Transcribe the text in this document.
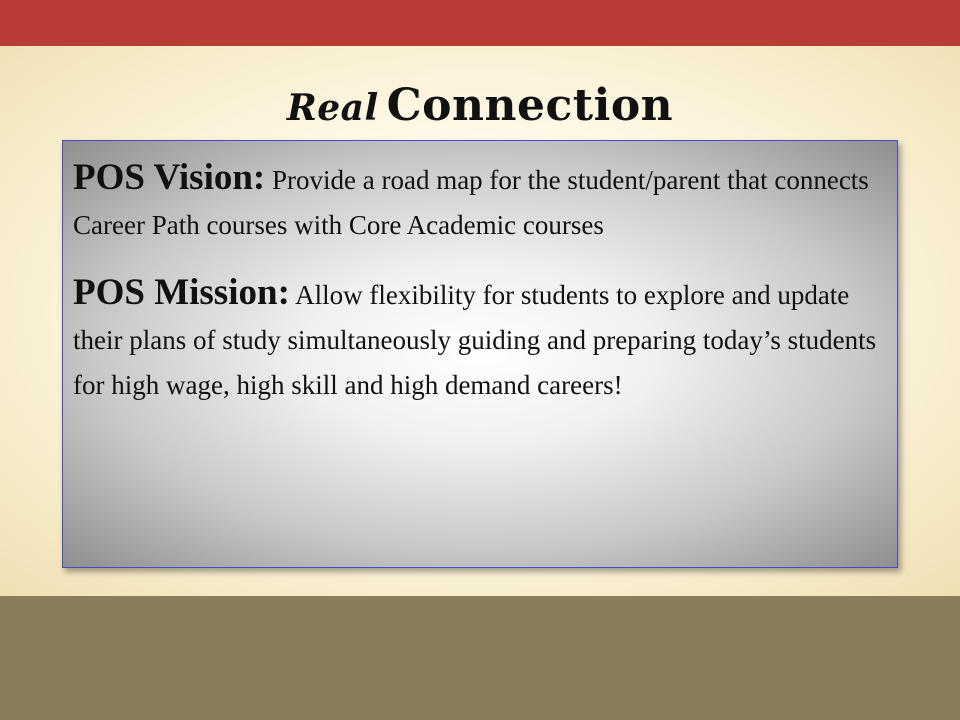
Real Connection

POS Vision: Provide a road map for the student/parent that connects Career Path courses with Core Academic courses

POS Mission: Allow flexibility for students to explore and update their plans of study simultaneously guiding and preparing today’s students for high wage, high skill and high demand careers!
